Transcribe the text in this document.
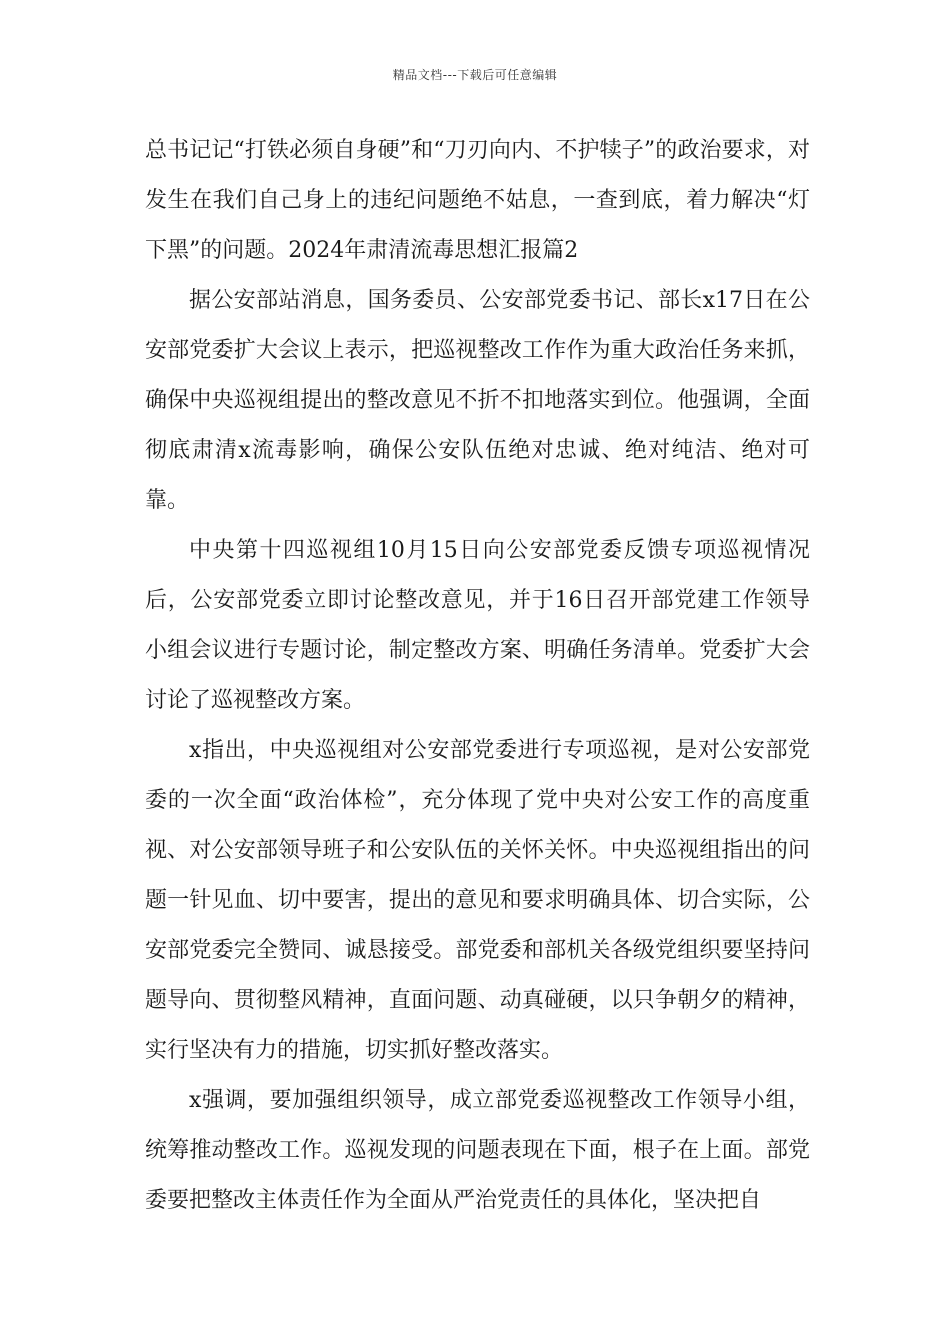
精品文档---下载后可任意编辑

总书记记“打铁必须自身硬”和“刀刃向内、不护犊子”的政治要求，对发生在我们自己身上的违纪问题绝不姑息，一查到底，着力解决“灯下黑”的问题。2024年肃清流毒思想汇报篇2

据公安部站消息，国务委员、公安部党委书记、部长x17日在公安部党委扩大会议上表示，把巡视整改工作作为重大政治任务来抓，确保中央巡视组提出的整改意见不折不扣地落实到位。他强调，全面彻底肃清x流毒影响，确保公安队伍绝对忠诚、绝对纯洁、绝对可靠。

中央第十四巡视组10月15日向公安部党委反馈专项巡视情况后，公安部党委立即讨论整改意见，并于16日召开部党建工作领导小组会议进行专题讨论，制定整改方案、明确任务清单。党委扩大会讨论了巡视整改方案。

x指出，中央巡视组对公安部党委进行专项巡视，是对公安部党委的一次全面“政治体检”，充分体现了党中央对公安工作的高度重视、对公安部领导班子和公安队伍的关怀关怀。中央巡视组指出的问题一针见血、切中要害，提出的意见和要求明确具体、切合实际，公安部党委完全赞同、诚恳接受。部党委和部机关各级党组织要坚持问题导向、贯彻整风精神，直面问题、动真碰硬，以只争朝夕的精神，实行坚决有力的措施，切实抓好整改落实。

x强调，要加强组织领导，成立部党委巡视整改工作领导小组，统筹推动整改工作。巡视发现的问题表现在下面，根子在上面。部党委要把整改主体责任作为全面从严治党责任的具体化，坚决把自
